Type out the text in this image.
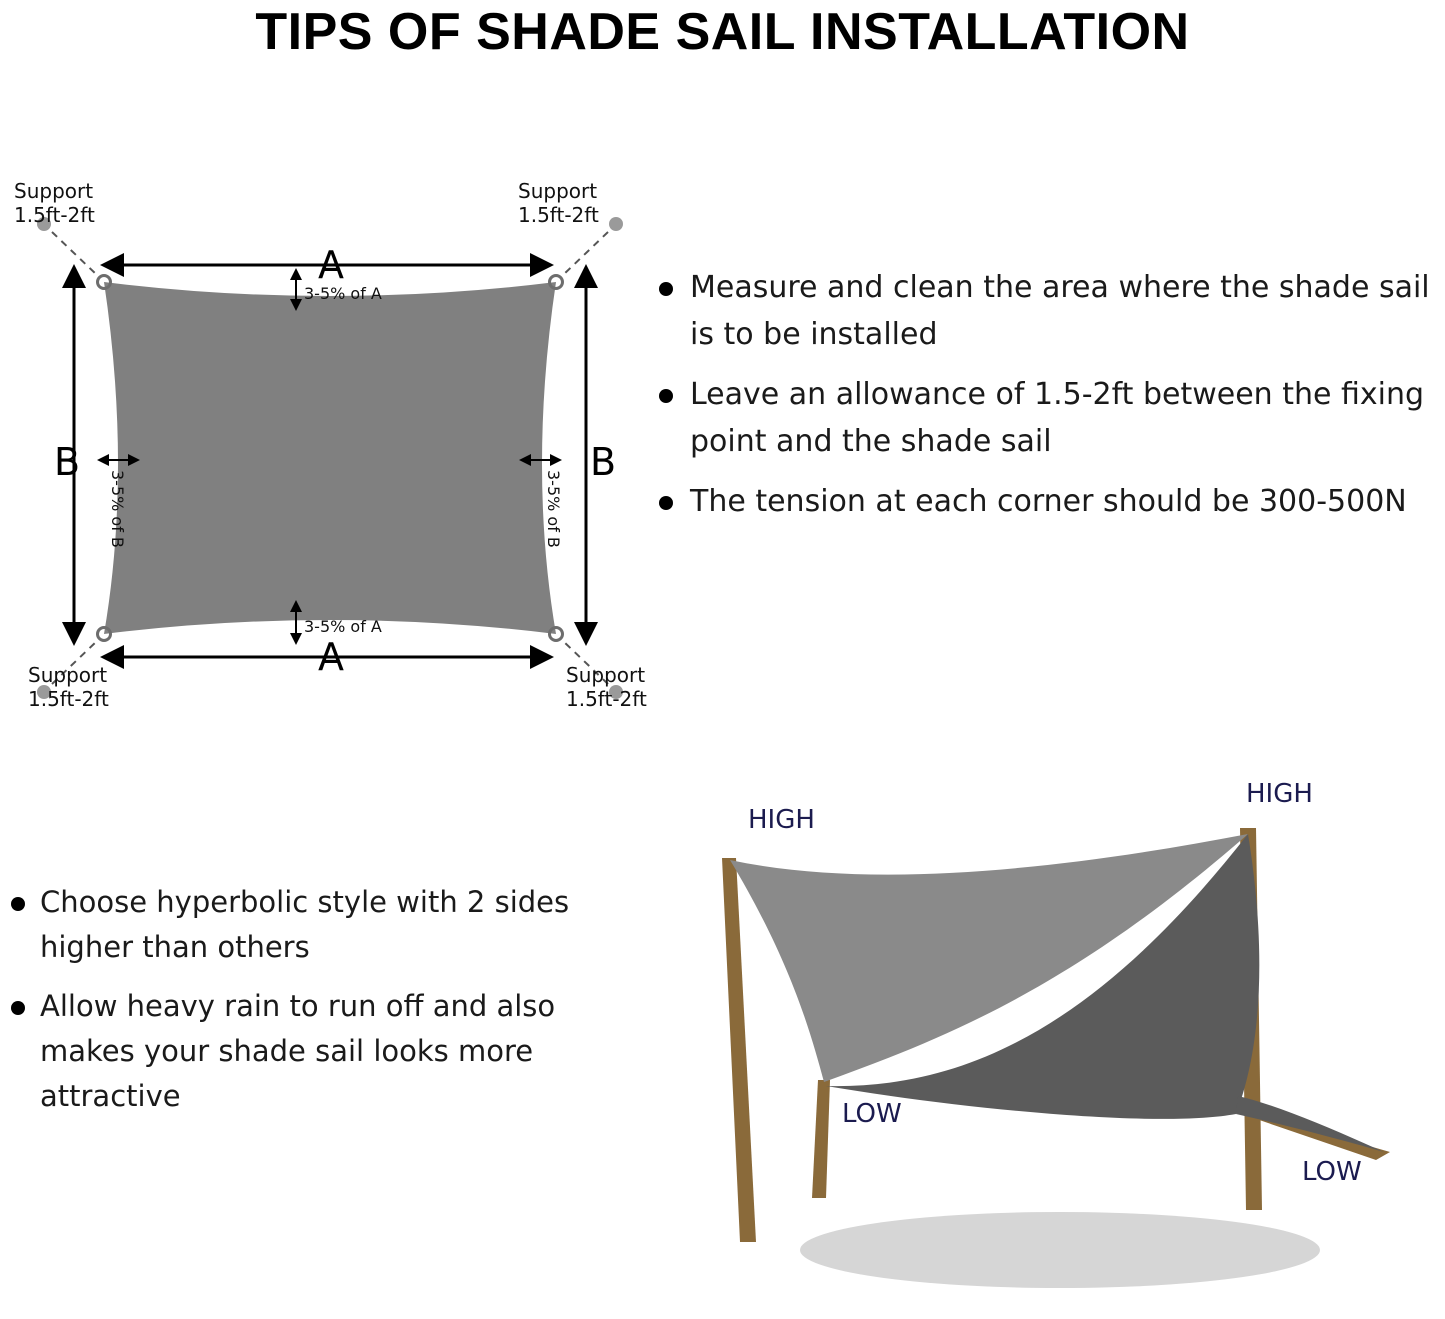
TIPS OF SHADE SAIL INSTALLATION
Support
1.5ft-2ft
Support
1.5ft-2ft
Support
1.5ft-2ft
Support
1.5ft-2ft
A
A
B	B
3-5% of A
3-5% of A
3-5% of B	3-5% of B
Measure and clean the area where the shade sail is to be installed
Leave an allowance of 1.5-2ft between the fixing point and the shade sail
The tension at each corner should be 300-500N
Choose hyperbolic style with 2 sides higher than others
Allow heavy rain to run off and also makes your shade sail looks more attractive
HIGH
HIGH
LOW
LOW
